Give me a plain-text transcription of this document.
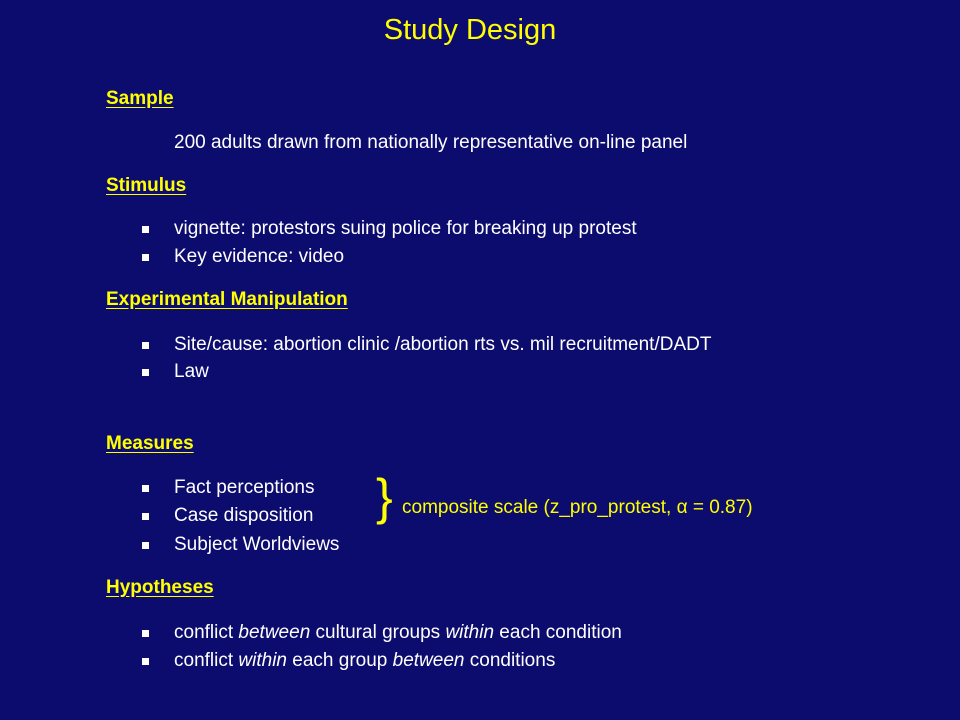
Study Design
Sample
200 adults drawn from nationally representative on-line panel
Stimulus
vignette: protestors suing police for breaking up protest
Key evidence: video
Experimental Manipulation
Site/cause: abortion clinic /abortion rts vs. mil recruitment/DADT
Law
Measures
Fact perceptions
Case disposition
Subject Worldviews
} composite scale (z_pro_protest, α = 0.87)
Hypotheses
conflict between cultural groups within each condition
conflict within each group between conditions
